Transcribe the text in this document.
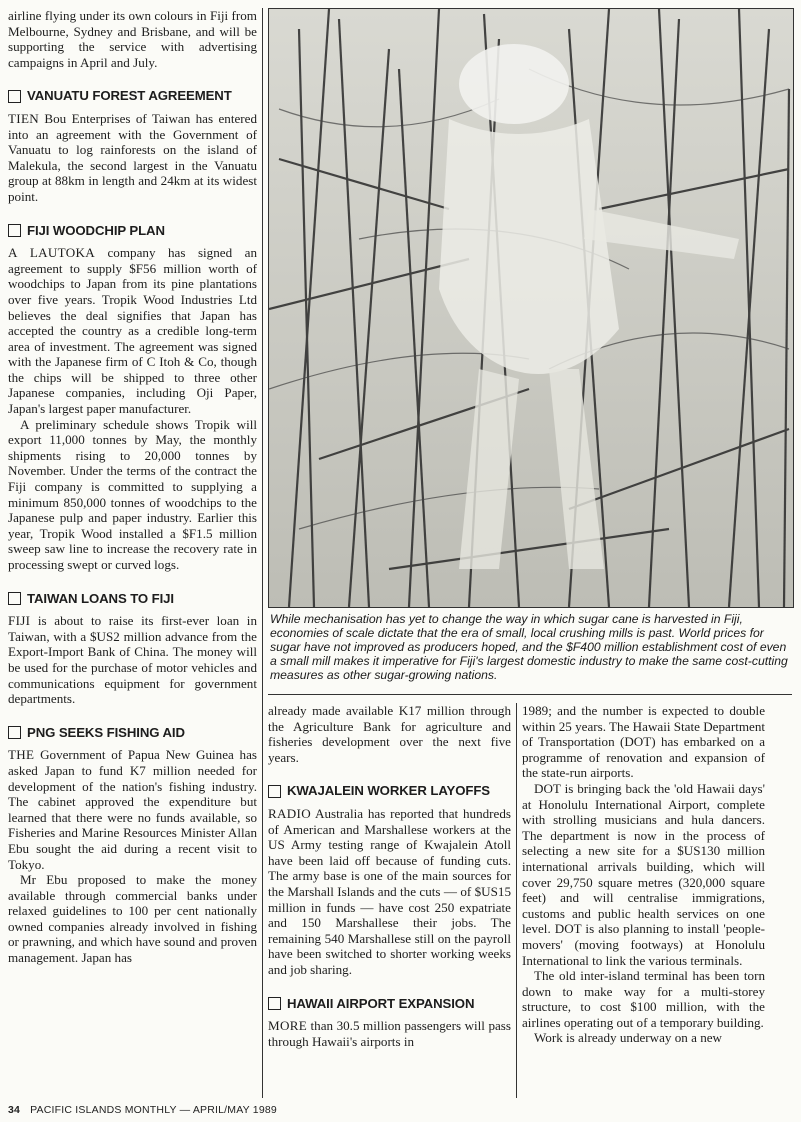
airline flying under its own colours in Fiji from Melbourne, Sydney and Brisbane, and will be supporting the service with advertising campaigns in April and July.

VANUATU FOREST AGREEMENT

TIEN Bou Enterprises of Taiwan has entered into an agreement with the Government of Vanuatu to log rainforests on the island of Malekula, the second largest in the Vanuatu group at 88km in length and 24km at its widest point.

FIJI WOODCHIP PLAN

A LAUTOKA company has signed an agreement to supply $F56 million worth of woodchips to Japan from its pine plantations over five years. Tropik Wood Industries Ltd believes the deal signifies that Japan has accepted the country as a credible long-term area of investment. The agreement was signed with the Japanese firm of C Itoh & Co, though the chips will be shipped to three other Japanese companies, including Oji Paper, Japan's largest paper manufacturer.

A preliminary schedule shows Tropik will export 11,000 tonnes by May, the monthly shipments rising to 20,000 tonnes by November. Under the terms of the contract the Fiji company is committed to supplying a minimum 850,000 tonnes of woodchips to the Japanese pulp and paper industry. Earlier this year, Tropik Wood installed a $F1.5 million sweep saw line to increase the recovery rate in processing swept or curved logs.

TAIWAN LOANS TO FIJI

FIJI is about to raise its first-ever loan in Taiwan, with a $US2 million advance from the Export-Import Bank of China. The money will be used for the purchase of motor vehicles and communications equipment for government departments.

PNG SEEKS FISHING AID

THE Government of Papua New Guinea has asked Japan to fund K7 million needed for development of the nation's fishing industry. The cabinet approved the expenditure but learned that there were no funds available, so Fisheries and Marine Resources Minister Allan Ebu sought the aid during a recent visit to Tokyo.

Mr Ebu proposed to make the money available through commercial banks under relaxed guidelines to 100 per cent nationally owned companies already involved in fishing or prawning, and which have sound and proven management. Japan has

While mechanisation has yet to change the way in which sugar cane is harvested in Fiji, economies of scale dictate that the era of small, local crushing mills is past. World prices for sugar have not improved as producers hoped, and the $F400 million establishment cost of even a small mill makes it imperative for Fiji's largest domestic industry to make the same cost-cutting measures as other sugar-growing nations.

already made available K17 million through the Agriculture Bank for agriculture and fisheries development over the next five years.

KWAJALEIN WORKER LAYOFFS

RADIO Australia has reported that hundreds of American and Marshallese workers at the US Army testing range of Kwajalein Atoll have been laid off because of funding cuts. The army base is one of the main sources for the Marshall Islands and the cuts — of $US15 million in funds — have cost 250 expatriate and 150 Marshallese their jobs. The remaining 540 Marshallese still on the payroll have been switched to shorter working weeks and job sharing.

HAWAII AIRPORT EXPANSION

MORE than 30.5 million passengers will pass through Hawaii's airports in

1989; and the number is expected to double within 25 years. The Hawaii State Department of Transportation (DOT) has embarked on a programme of renovation and expansion of the state-run airports.

DOT is bringing back the 'old Hawaii days' at Honolulu International Airport, complete with strolling musicians and hula dancers. The department is now in the process of selecting a new site for a $US130 million international arrivals building, which will cover 29,750 square metres (320,000 square feet) and will centralise immigrations, customs and public health services on one level. DOT is also planning to install 'people-movers' (moving footways) at Honolulu International to link the various terminals.

The old inter-island terminal has been torn down to make way for a multi-storey structure, to cost $100 million, with the airlines operating out of a temporary building.

Work is already underway on a new

34 PACIFIC ISLANDS MONTHLY — APRIL/MAY 1989
